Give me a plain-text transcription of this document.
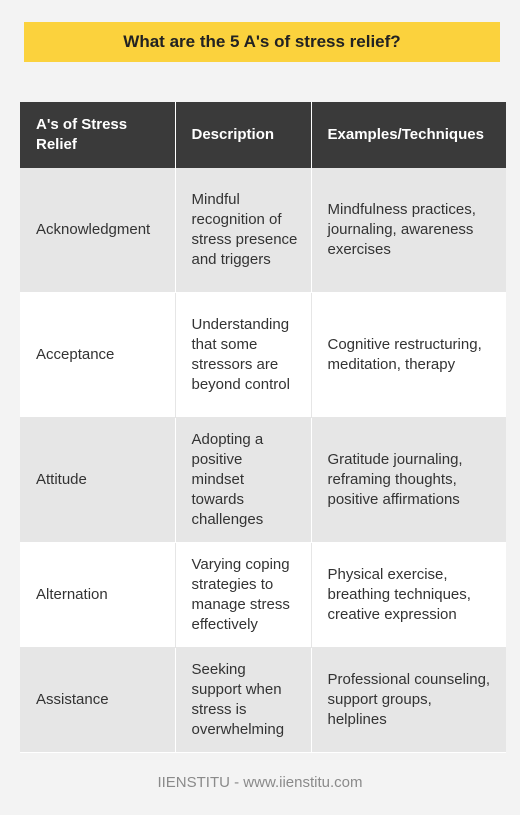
What are the 5 A's of stress relief?
A's of Stress Relief	Description	Examples/Techniques
Acknowledgment	Mindful recognition of stress presence and triggers	Mindfulness practices, journaling, awareness exercises
Acceptance	Understanding that some stressors are beyond control	Cognitive restructuring, meditation, therapy
Attitude	Adopting a positive mindset towards challenges	Gratitude journaling, reframing thoughts, positive affirmations
Alternation	Varying coping strategies to manage stress effectively	Physical exercise, breathing techniques, creative expression
Assistance	Seeking support when stress is overwhelming	Professional counseling, support groups, helplines
IIENSTITU - www.iienstitu.com
